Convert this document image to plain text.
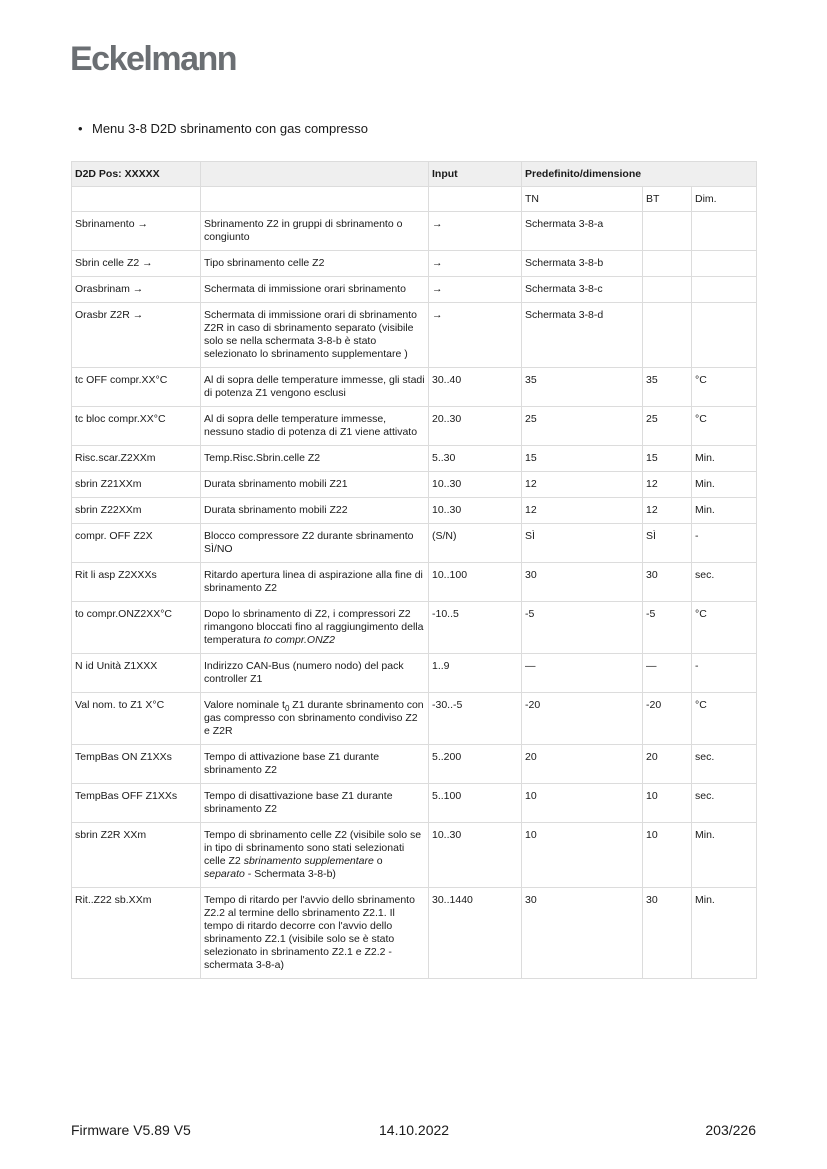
Eckelmann
• Menu 3-8 D2D sbrinamento con gas compresso
D2D Pos: XXXXX		Input	Predefinito/dimensione		
			TN	BT	Dim.
Sbrinamento →	Sbrinamento Z2 in gruppi di sbrinamento o congiunto	→	Schermata 3-8-a		
Sbrin celle Z2 →	Tipo sbrinamento celle Z2	→	Schermata 3-8-b		
Orasbrinam →	Schermata di immissione orari sbrinamento	→	Schermata 3-8-c		
Orasbr Z2R →	Schermata di immissione orari di sbrinamento Z2R in caso di sbrinamento separato (visibile solo se nella schermata 3-8-b è stato selezionato lo sbrinamento supplementare )	→	Schermata 3-8-d		
tc OFF compr.XX°C	Al di sopra delle temperature immesse, gli stadi di potenza Z1 vengono esclusi	30..40	35	35	°C
tc bloc compr.XX°C	Al di sopra delle temperature immesse, nessuno stadio di potenza di Z1 viene attivato	20..30	25	25	°C
Risc.scar.Z2XXm	Temp.Risc.Sbrin.celle Z2	5..30	15	15	Min.
sbrin Z21XXm	Durata sbrinamento mobili Z21	10..30	12	12	Min.
sbrin Z22XXm	Durata sbrinamento mobili Z22	10..30	12	12	Min.
compr. OFF Z2X	Blocco compressore Z2 durante sbrinamento SÌ/NO	(S/N)	SÌ	SÌ	-
Rit li asp Z2XXXs	Ritardo apertura linea di aspirazione alla fine di sbrinamento Z2	10..100	30	30	sec.
to compr.ONZ2XX°C	Dopo lo sbrinamento di Z2, i compressori Z2 rimangono bloccati fino al raggiungimento della temperatura to compr.ONZ2	-10..5	-5	-5	°C
N id Unità Z1XXX	Indirizzo CAN-Bus (numero nodo) del pack controller Z1	1..9	—	—	-
Val nom. to Z1 X°C	Valore nominale $t_0$ Z1 durante sbrinamento con gas compresso con sbrinamento condiviso Z2 e Z2R	-30..-5	-20	-20	°C
TempBas ON Z1XXs	Tempo di attivazione base Z1 durante sbrinamento Z2	5..200	20	20	sec.
TempBas OFF Z1XXs	Tempo di disattivazione base Z1 durante sbrinamento Z2	5..100	10	10	sec.
sbrin Z2R XXm	Tempo di sbrinamento celle Z2 (visibile solo se in tipo di sbrinamento sono stati selezionati celle Z2 sbrinamento supplementare o separato - Schermata 3-8-b)	10..30	10	10	Min.
Rit..Z22 sb.XXm	Tempo di ritardo per l'avvio dello sbrinamento Z2.2 al termine dello sbrinamento Z2.1. Il tempo di ritardo decorre con l'avvio dello sbrinamento Z2.1 (visibile solo se è stato selezionato in sbrinamento Z2.1 e Z2.2 - schermata 3-8-a)	30..1440	30	30	Min.
Firmware V5.89 V5	14.10.2022	203/226
